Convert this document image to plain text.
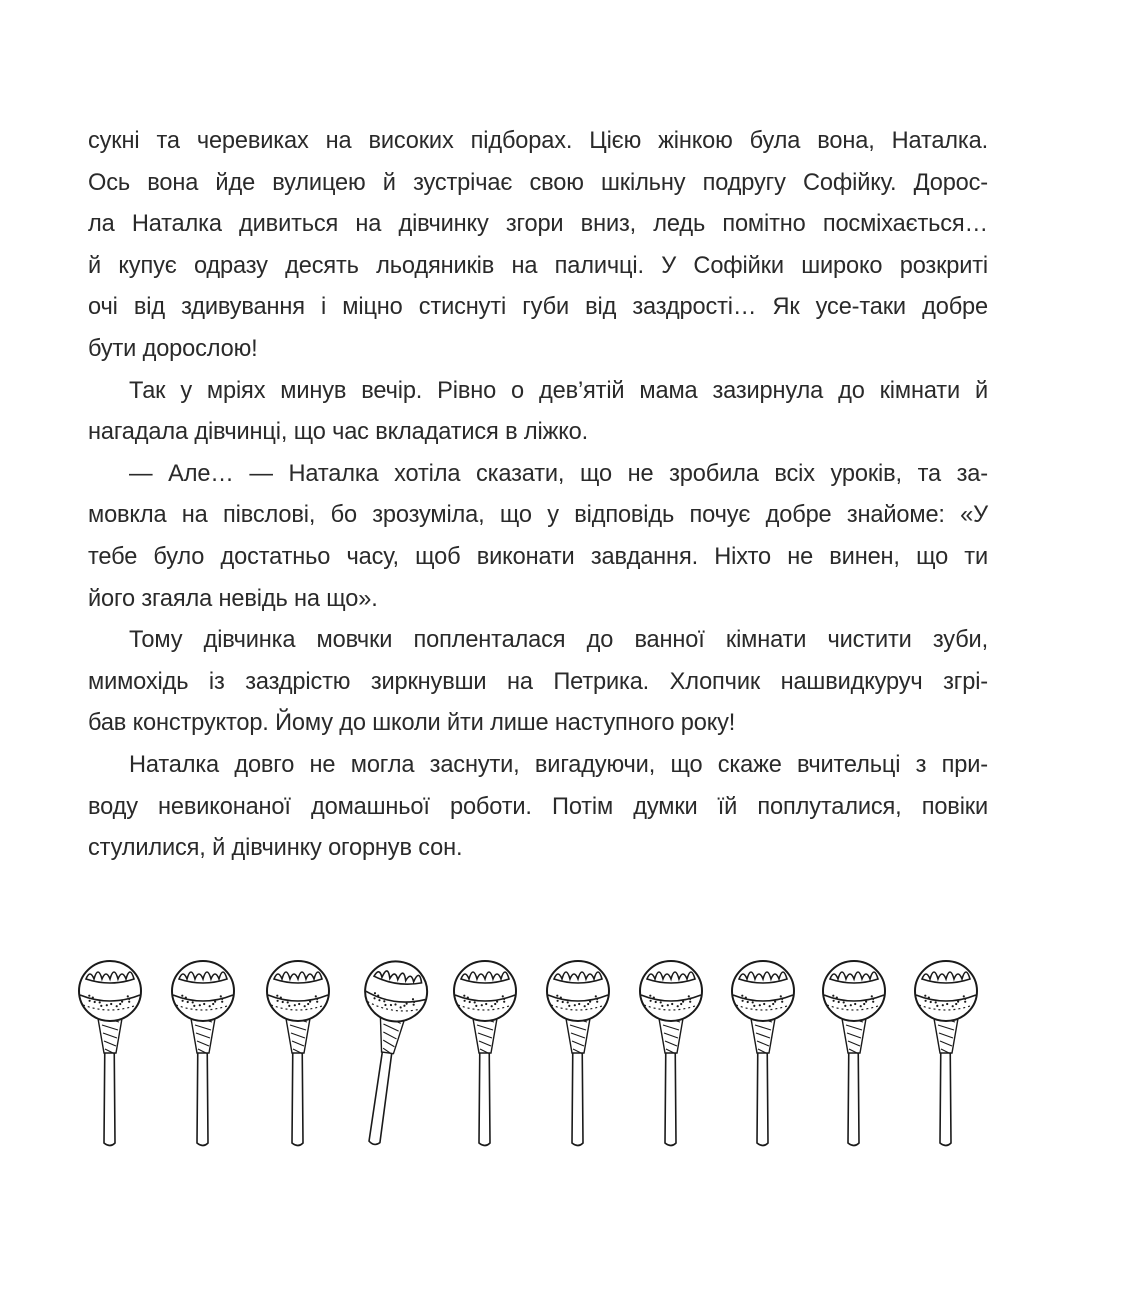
сукні та черевиках на високих підборах. Цією жінкою була вона, Наталка.
Ось вона йде вулицею й зустрічає свою шкільну подругу Софійку. Дорос-
ла Наталка дивиться на дівчинку згори вниз, ледь помітно посміхається…
й купує одразу десять льодяників на паличці. У Софійки широко розкриті
очі від здивування і міцно стиснуті губи від заздрості… Як усе-таки добре
бути дорослою!
Так у мріях минув вечір. Рівно о дев’ятій мама зазирнула до кімнати й
нагадала дівчинці, що час вкладатися в ліжко.
— Але… — Наталка хотіла сказати, що не зробила всіх уроків, та за-
мовкла на півслові, бо зрозуміла, що у відповідь почує добре знайоме: «У
тебе було достатньо часу, щоб виконати завдання. Ніхто не винен, що ти
його згаяла невідь на що».
Тому дівчинка мовчки попленталася до ванної кімнати чистити зуби,
мимохідь із заздрістю зиркнувши на Петрика. Хлопчик нашвидкуруч згрі-
бав конструктор. Йому до школи йти лише наступного року!
Наталка довго не могла заснути, вигадуючи, що скаже вчительці з при-
воду невиконаної домашньої роботи. Потім думки їй поплуталися, повіки
стулилися, й дівчинку огорнув сон.
